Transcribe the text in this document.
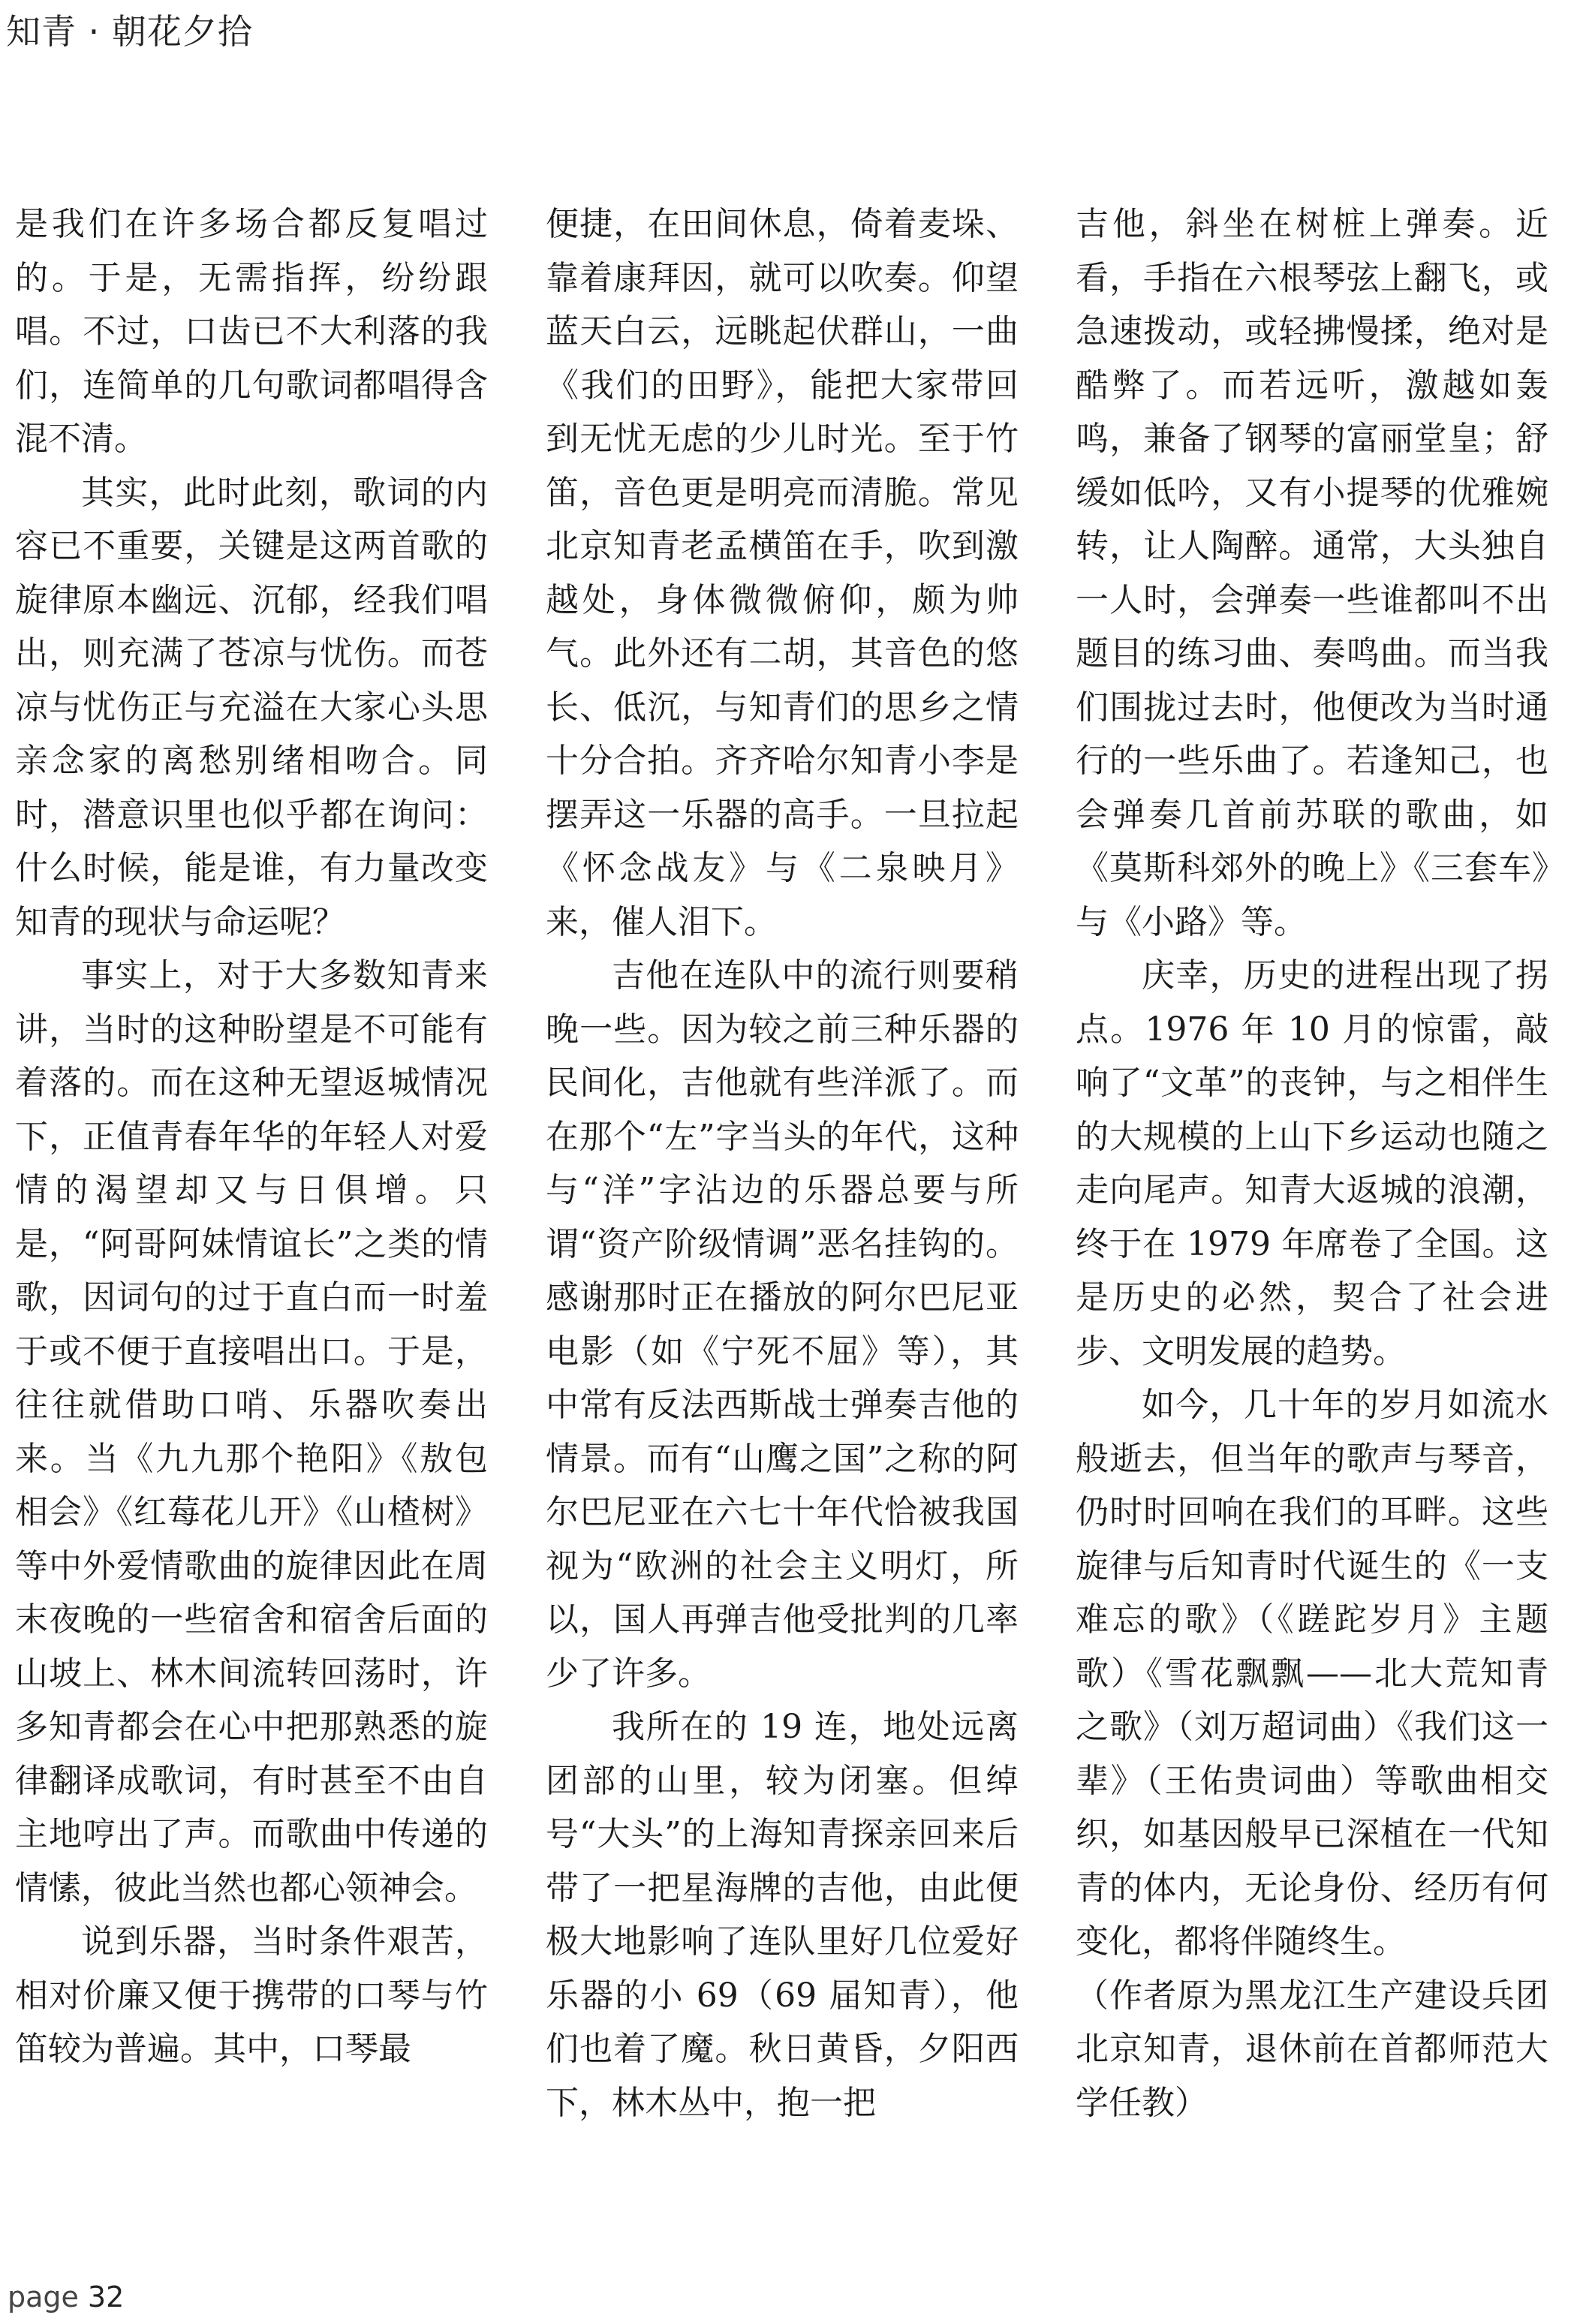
知青 · 朝花夕拾

是我们在许多场合都反复唱过的。于是，无需指挥，纷纷跟唱。不过，口齿已不大利落的我们，连简单的几句歌词都唱得含混不清。

其实，此时此刻，歌词的内容已不重要，关键是这两首歌的旋律原本幽远、沉郁，经我们唱出，则充满了苍凉与忧伤。而苍凉与忧伤正与充溢在大家心头思亲念家的离愁别绪相吻合。同时，潜意识里也似乎都在询问：什么时候，能是谁，有力量改变知青的现状与命运呢？

事实上，对于大多数知青来讲，当时的这种盼望是不可能有着落的。而在这种无望返城情况下，正值青春年华的年轻人对爱情的渴望却又与日俱增。只是，“阿哥阿妹情谊长”之类的情歌，因词句的过于直白而一时羞于或不便于直接唱出口。于是，往往就借助口哨、乐器吹奏出来。当《九九那个艳阳》《敖包相会》《红莓花儿开》《山楂树》等中外爱情歌曲的旋律因此在周末夜晚的一些宿舍和宿舍后面的山坡上、林木间流转回荡时，许多知青都会在心中把那熟悉的旋律翻译成歌词，有时甚至不由自主地哼出了声。而歌曲中传递的情愫，彼此当然也都心领神会。

说到乐器，当时条件艰苦，相对价廉又便于携带的口琴与竹笛较为普遍。其中，口琴最

便捷，在田间休息，倚着麦垛、靠着康拜因，就可以吹奏。仰望蓝天白云，远眺起伏群山，一曲《我们的田野》，能把大家带回到无忧无虑的少儿时光。至于竹笛，音色更是明亮而清脆。常见北京知青老孟横笛在手，吹到激越处，身体微微俯仰，颇为帅气。此外还有二胡，其音色的悠长、低沉，与知青们的思乡之情十分合拍。齐齐哈尔知青小李是摆弄这一乐器的高手。一旦拉起《怀念战友》与《二泉映月》来，催人泪下。

吉他在连队中的流行则要稍晚一些。因为较之前三种乐器的民间化，吉他就有些洋派了。而在那个“左”字当头的年代，这种与“洋”字沾边的乐器总要与所谓“资产阶级情调”恶名挂钩的。感谢那时正在播放的阿尔巴尼亚电影（如《宁死不屈》等），其中常有反法西斯战士弹奏吉他的情景。而有“山鹰之国”之称的阿尔巴尼亚在六七十年代恰被我国视为“欧洲的社会主义明灯，所以，国人再弹吉他受批判的几率少了许多。

我所在的 19 连，地处远离团部的山里，较为闭塞。但绰号“大头”的上海知青探亲回来后带了一把星海牌的吉他，由此便极大地影响了连队里好几位爱好乐器的小 69（69 届知青），他们也着了魔。秋日黄昏，夕阳西下，林木丛中，抱一把

吉他，斜坐在树桩上弹奏。近看，手指在六根琴弦上翻飞，或急速拨动，或轻拂慢揉，绝对是酷弊了。而若远听，激越如轰鸣，兼备了钢琴的富丽堂皇；舒缓如低吟，又有小提琴的优雅婉转，让人陶醉。通常，大头独自一人时，会弹奏一些谁都叫不出题目的练习曲、奏鸣曲。而当我们围拢过去时，他便改为当时通行的一些乐曲了。若逢知己，也会弹奏几首前苏联的歌曲，如《莫斯科郊外的晚上》《三套车》与《小路》等。

庆幸，历史的进程出现了拐点。1976 年 10 月的惊雷，敲响了“文革”的丧钟，与之相伴生的大规模的上山下乡运动也随之走向尾声。知青大返城的浪潮，终于在 1979 年席卷了全国。这是历史的必然，契合了社会进步、文明发展的趋势。

如今，几十年的岁月如流水般逝去，但当年的歌声与琴音，仍时时回响在我们的耳畔。这些旋律与后知青时代诞生的《一支难忘的歌》（《蹉跎岁月》主题歌）《雪花飘飘——北大荒知青之歌》（刘万超词曲）《我们这一辈》（王佑贵词曲）等歌曲相交织，如基因般早已深植在一代知青的体内，无论身份、经历有何变化，都将伴随终生。

（作者原为黑龙江生产建设兵团北京知青，退休前在首都师范大学任教）

page 32
